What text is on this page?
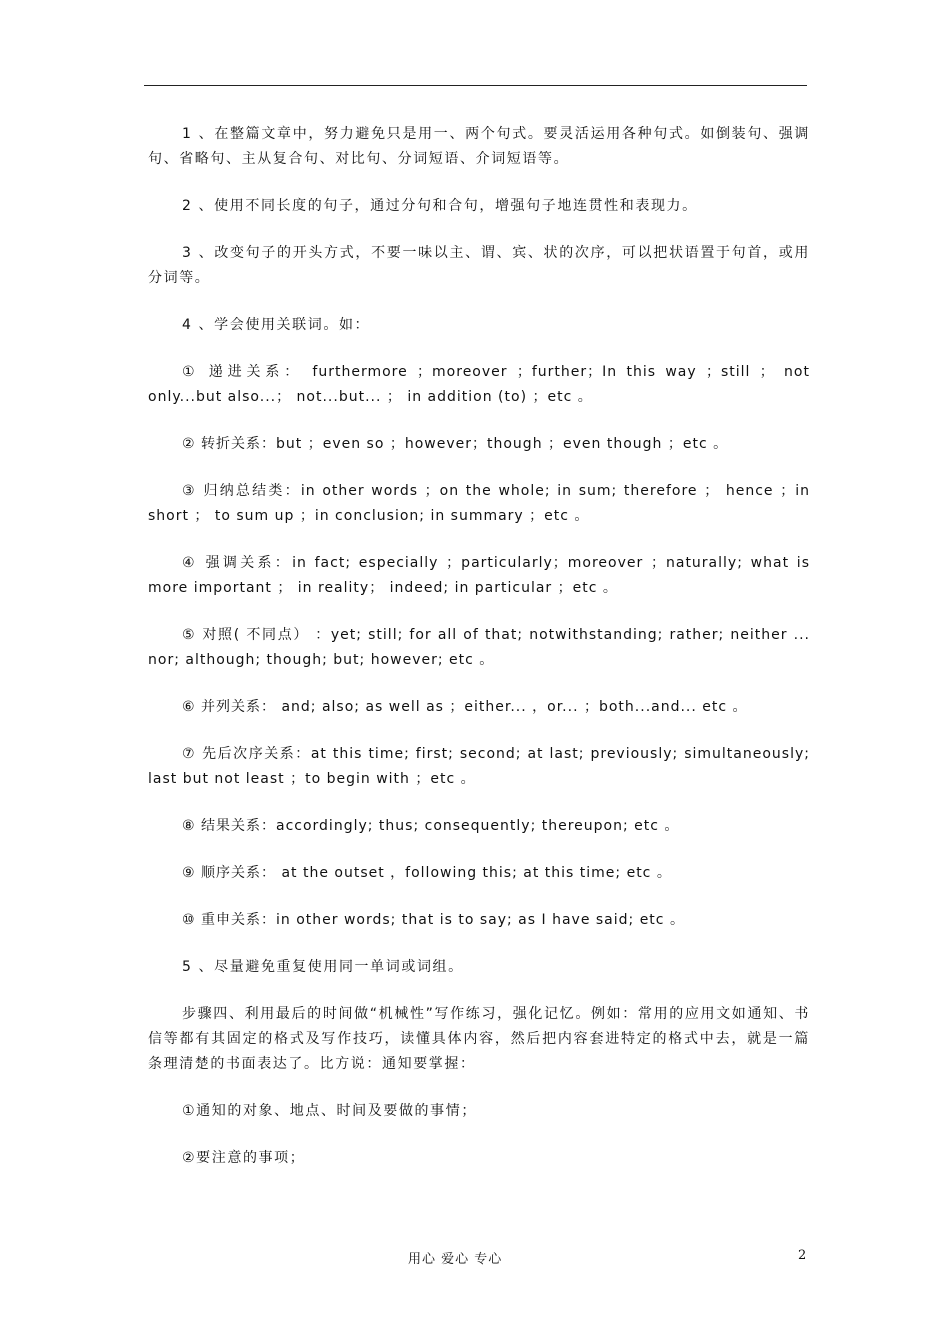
1 、在整篇文章中，努力避免只是用一、两个句式。要灵活运用各种句式。如倒装句、强调句、省略句、主从复合句、对比句、分词短语、介词短语等。

2 、使用不同长度的句子，通过分句和合句，增强句子地连贯性和表现力。

3 、改变句子的开头方式，不要一味以主、谓、宾、状的次序，可以把状语置于句首，或用分词等。

4 、学会使用关联词。如：

① 递进关系： furthermore ；moreover ；further；In this way ；still ； not only...but also...； not...but... ； in addition (to) ；etc 。

② 转折关系：but ；even so ；however；though ；even though ；etc 。

③ 归纳总结类：in other words ；on the whole; in sum; therefore ； hence ；in short ； to sum up ；in conclusion; in summary ；etc 。

④ 强调关系：in fact; especially ；particularly；moreover ；naturally; what is more important ； in reality； indeed; in particular ；etc 。

⑤ 对照( 不同点） ：yet; still; for all of that; notwithstanding; rather; neither ... nor; although; though; but; however; etc 。

⑥ 并列关系： and; also; as well as ；either... ，or... ；both...and... etc 。

⑦ 先后次序关系：at this time; first; second; at last; previously; simultaneously; last but not least ；to begin with ；etc 。

⑧ 结果关系：accordingly; thus; consequently; thereupon; etc 。

⑨ 顺序关系： at the outset ，following this; at this time; etc 。

⑩ 重申关系：in other words; that is to say; as I have said; etc 。

5 、尽量避免重复使用同一单词或词组。

步骤四、利用最后的时间做“机械性”写作练习，强化记忆。例如：常用的应用文如通知、书信等都有其固定的格式及写作技巧，读懂具体内容，然后把内容套进特定的格式中去，就是一篇条理清楚的书面表达了。比方说：通知要掌握：

①通知的对象、地点、时间及要做的事情；

②要注意的事项；

用心 爱心 专心	2
